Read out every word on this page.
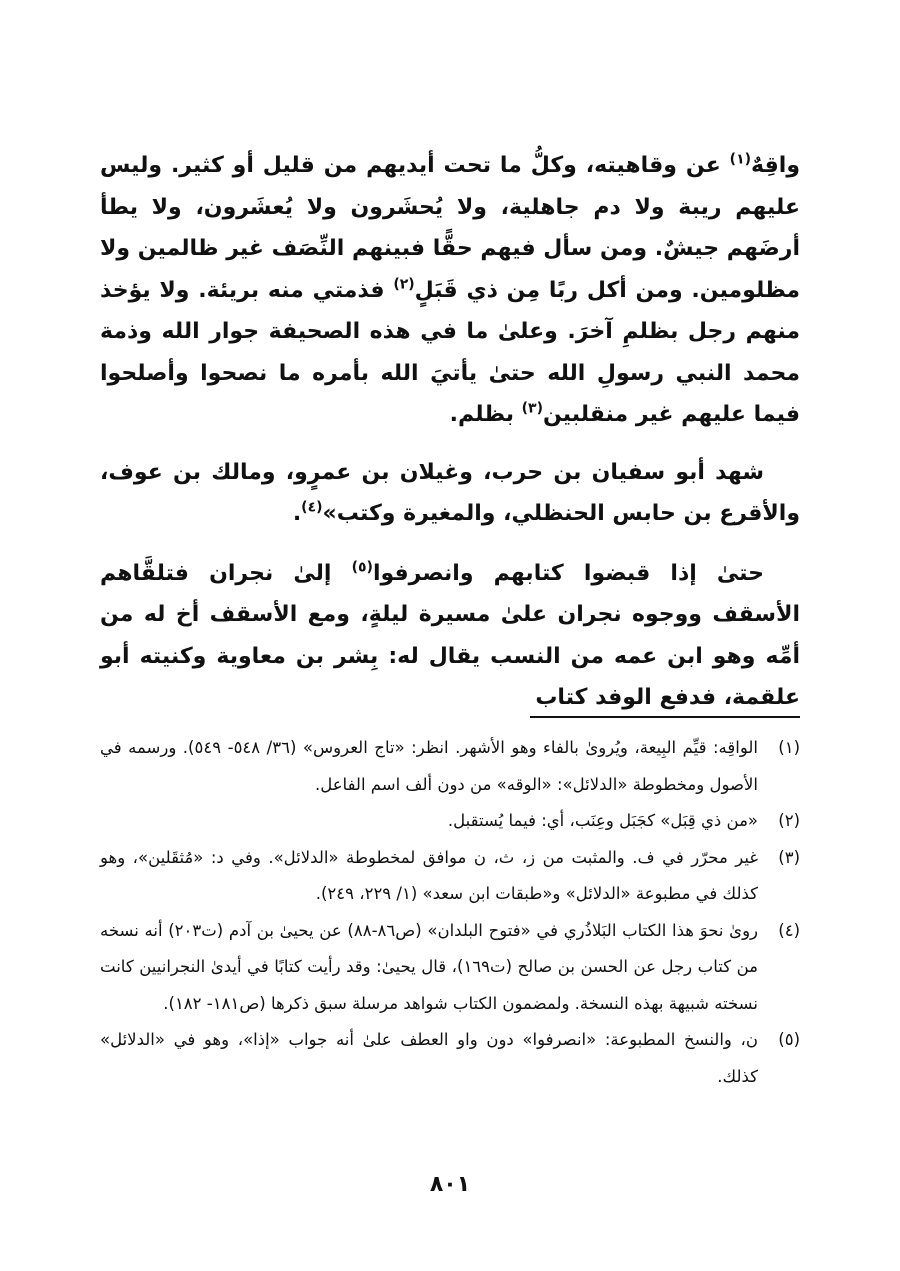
واقِهٌ$^{(١)}$ عن وقاهيته، وكلُّ ما تحت أيديهم من قليل أو كثير. وليس عليهم ريبة ولا دم جاهلية، ولا يُحشَرون ولا يُعشَرون، ولا يطأ أرضَهم جيشٌ. ومن سأل فيهم حقًّا فبينهم النِّصَف غير ظالمين ولا مظلومين. ومن أكل ربًا مِن ذي قَبَلٍ$^{(٢)}$ فذمتي منه بريئة. ولا يؤخذ منهم رجل بظلمِ آخرَ. وعلىٰ ما في هذه الصحيفة جوار الله وذمة محمد النبي رسولِ الله حتىٰ يأتيَ الله بأمره ما نصحوا وأصلحوا فيما عليهم غير منقلبين$^{(٣)}$ بظلم.

شهد أبو سفيان بن حرب، وغيلان بن عمرٍو، ومالك بن عوف، والأقرع بن حابس الحنظلي، والمغيرة وكتب»$^{(٤)}$.

حتىٰ إذا قبضوا كتابهم وانصرفوا$^{(٥)}$ إلىٰ نجران فتلقَّاهم الأسقف ووجوه نجران علىٰ مسيرة ليلةٍ، ومع الأسقف أخ له من أمِّه وهو ابن عمه من النسب يقال له: بِشر بن معاوية وكنيته أبو علقمة، فدفع الوفد كتاب

(١)
الواقِه: قيِّم البِيعة، ويُروىٰ بالفاء وهو الأشهر. انظر: «تاج العروس» (٣٦/ ٥٤٨- ٥٤٩). ورسمه في الأصول ومخطوطة «الدلائل»: «الوقه» من دون ألف اسم الفاعل.
(٢)
«من ذي قِبَل» كجَبَل وعِنَب، أي: فيما يُستقبل.
(٣)
غير محرّر في ف. والمثبت من ز، ث، ن موافق لمخطوطة «الدلائل». وفي د: «مُثقَلين»، وهو كذلك في مطبوعة «الدلائل» و«طبقات ابن سعد» (١/ ٢٢٩، ٢٤٩).
(٤)
روىٰ نحوَ هذا الكتاب البَلاذُري في «فتوح البلدان» (ص٨٦-٨٨) عن يحيىٰ بن آدم (ت٢٠٣) أنه نسخه من كتاب رجل عن الحسن بن صالح (ت١٦٩)، قال يحيىٰ: وقد رأيت كتابًا في أيدىٰ النجرانيين كانت نسخته شبيهة بهذه النسخة. ولمضمون الكتاب شواهد مرسلة سبق ذكرها (ص١٨١- ١٨٢).
(٥)
ن، والنسخ المطبوعة: «انصرفوا» دون واو العطف علىٰ أنه جواب «إذا»، وهو في «الدلائل» كذلك.
٨٠١
